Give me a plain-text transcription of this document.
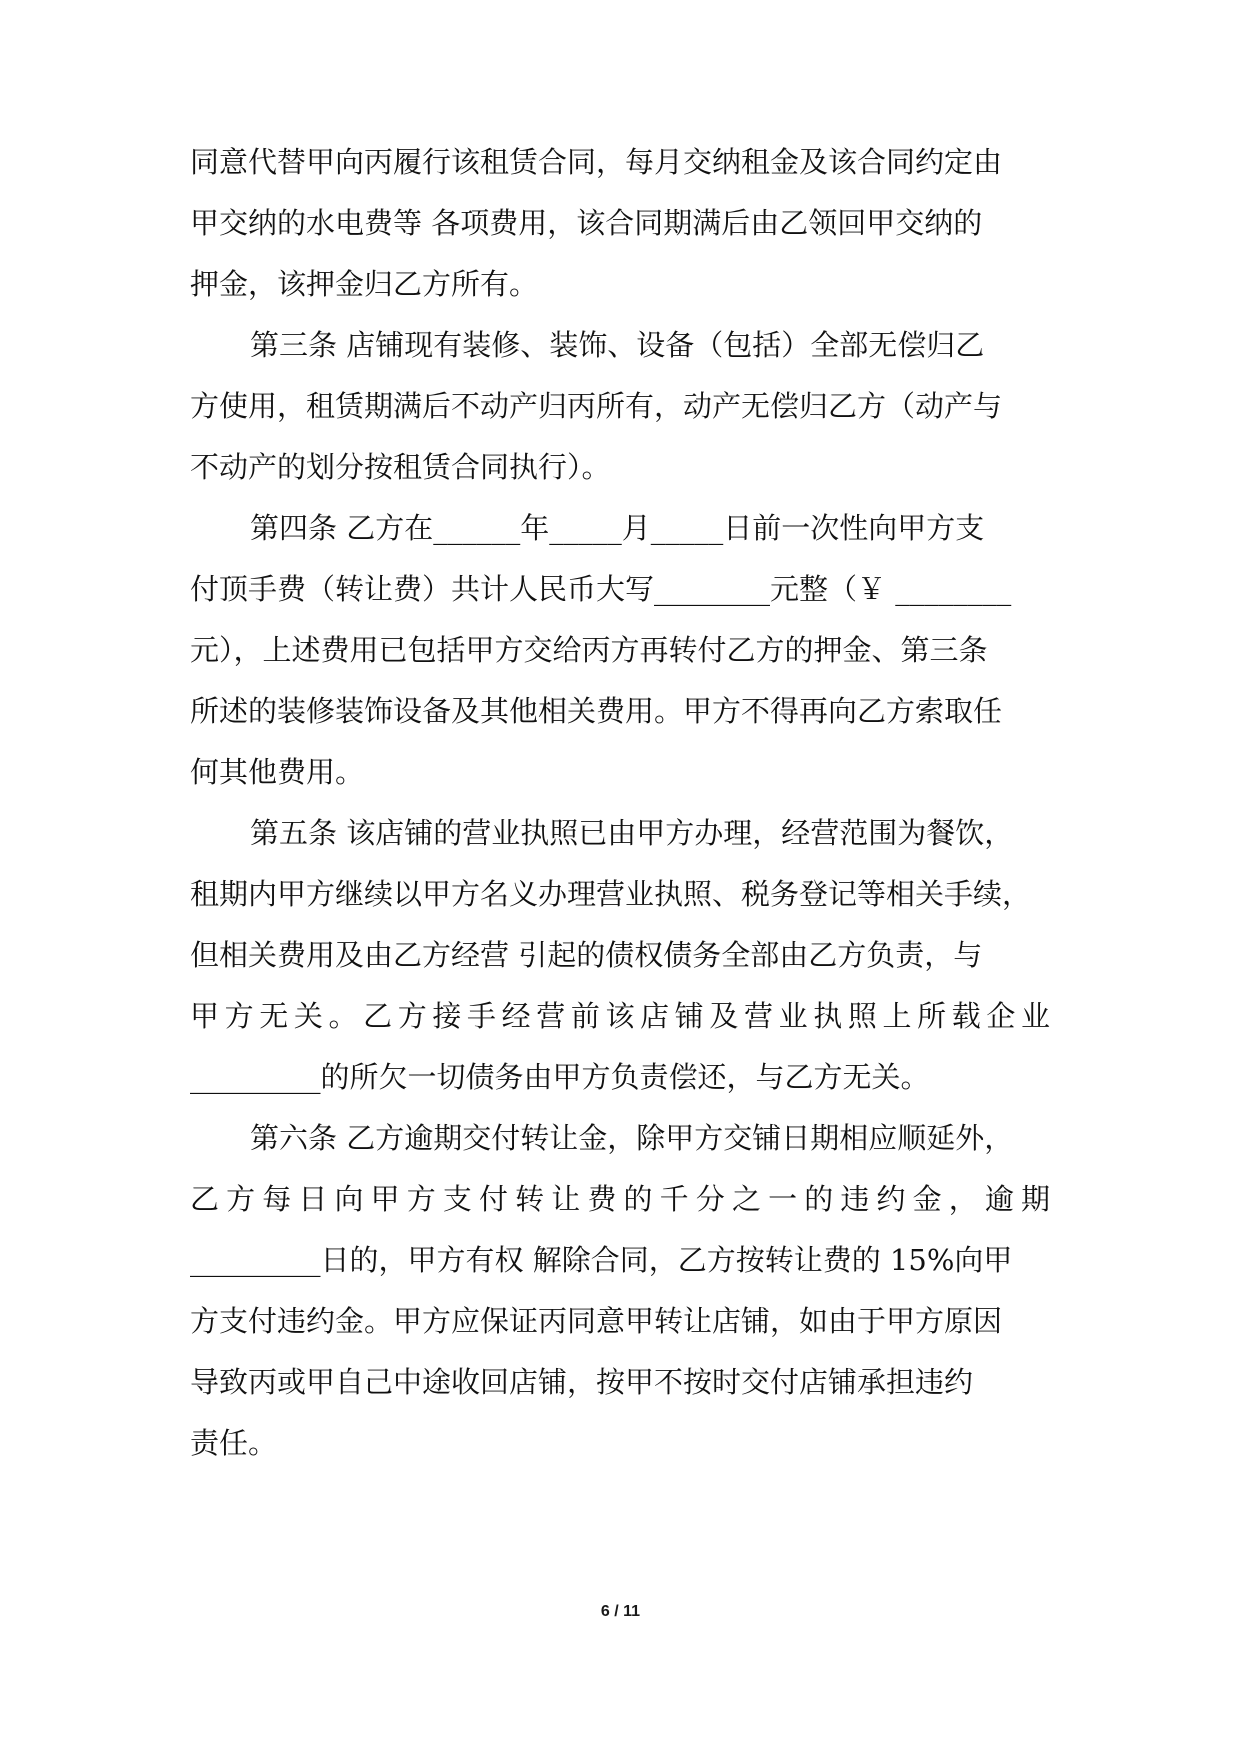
同意代替甲向丙履行该租赁合同，每月交纳租金及该合同约定由
甲交纳的水电费等 各项费用，该合同期满后由乙领回甲交纳的
押金，该押金归乙方所有。
第三条 店铺现有装修、装饰、设备（包括）全部无偿归乙
方使用，租赁期满后不动产归丙所有，动产无偿归乙方（动产与
不动产的划分按租赁合同执行）。
第四条 乙方在______年_____月_____日前一次性向甲方支
付顶手费（转让费）共计人民币大写________元整（￥ ________
元），上述费用已包括甲方交给丙方再转付乙方的押金、第三条
所述的装修装饰设备及其他相关费用。甲方不得再向乙方索取任
何其他费用。
第五条 该店铺的营业执照已由甲方办理，经营范围为餐饮，
租期内甲方继续以甲方名义办理营业执照、税务登记等相关手续，
但相关费用及由乙方经营 引起的债权债务全部由乙方负责，与
甲方无关。乙方接手经营前该店铺及营业执照上所载企业
_________的所欠一切债务由甲方负责偿还，与乙方无关。
第六条 乙方逾期交付转让金，除甲方交铺日期相应顺延外，
乙方每日向甲方支付转让费的千分之一的违约金，逾期
_________日的，甲方有权 解除合同，乙方按转让费的 15%向甲
方支付违约金。甲方应保证丙同意甲转让店铺，如由于甲方原因
导致丙或甲自己中途收回店铺，按甲不按时交付店铺承担违约
责任。
6 / 11
